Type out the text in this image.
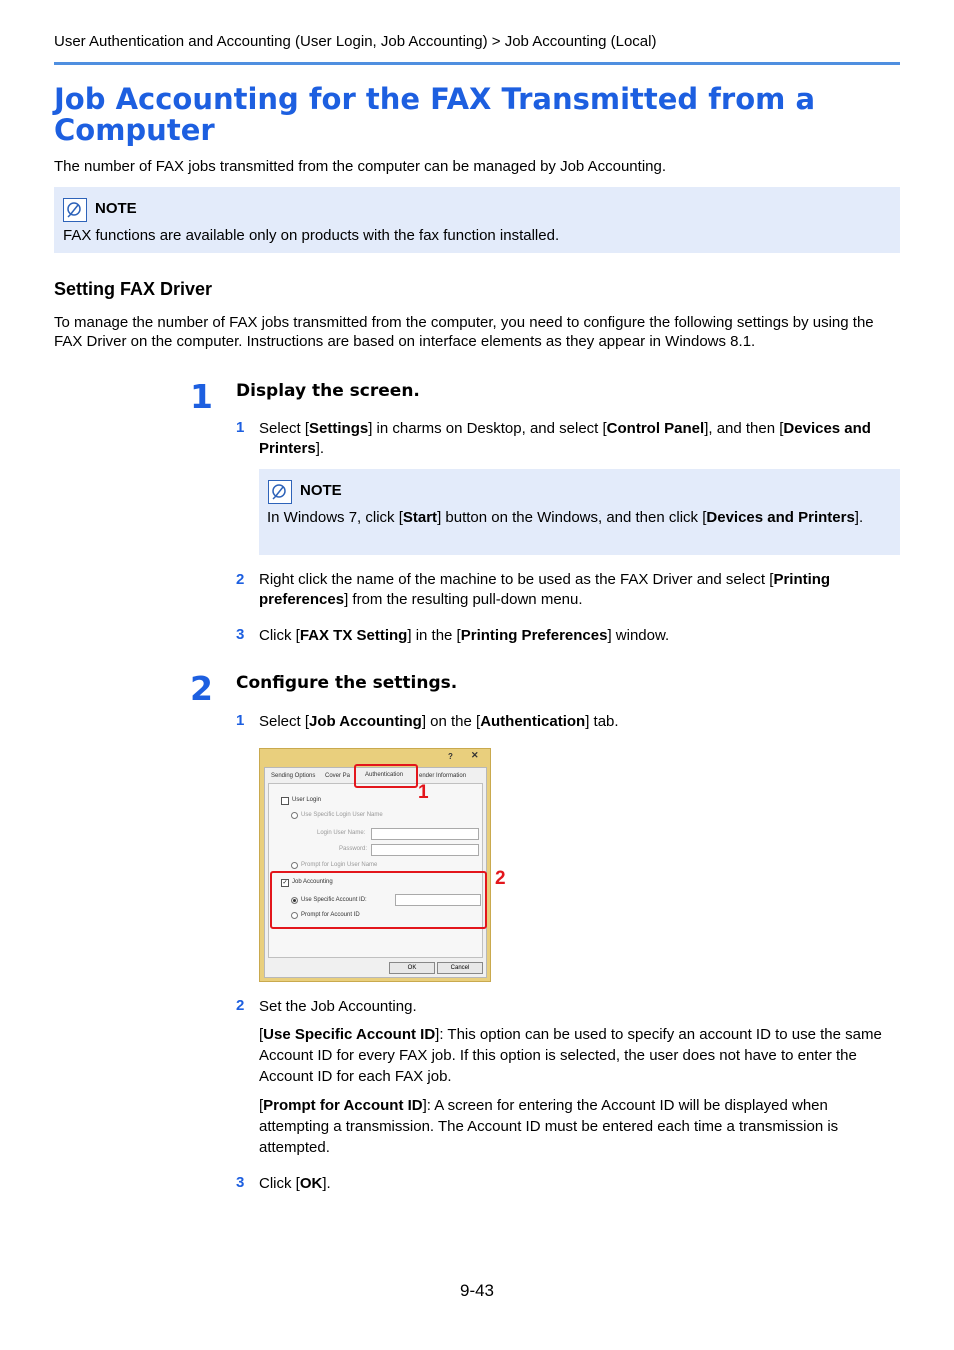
User Authentication and Accounting (User Login, Job Accounting) > Job Accounting (Local)
Job Accounting for the FAX Transmitted from a Computer
The number of FAX jobs transmitted from the computer can be managed by Job Accounting.
NOTE
FAX functions are available only on products with the fax function installed.
Setting FAX Driver
To manage the number of FAX jobs transmitted from the computer, you need to configure the following settings by using the FAX Driver on the computer. Instructions are based on interface elements as they appear in Windows 8.1.
1 Display the screen.
1 Select [Settings] in charms on Desktop, and select [Control Panel], and then [Devices and Printers].
NOTE
In Windows 7, click [Start] button on the Windows, and then click [Devices and Printers].
2 Right click the name of the machine to be used as the FAX Driver and select [Printing preferences] from the resulting pull-down menu.
3 Click [FAX TX Setting] in the [Printing Preferences] window.
2 Configure the settings.
1 Select [Job Accounting] on the [Authentication] tab.
? ✕
Sending Options Cover Pa Authentication	ender Information
User Login
Use Specific Login User Name
Login User Name:
Password:
Prompt for Login User Name
✓ Job Accounting
Use Specific Account ID:
Prompt for Account ID
OK	Cancel
1
2
2 Set the Job Accounting.
[Use Specific Account ID]: This option can be used to specify an account ID to use the same Account ID for every FAX job. If this option is selected, the user does not have to enter the Account ID for each FAX job.
[Prompt for Account ID]: A screen for entering the Account ID will be displayed when attempting a transmission. The Account ID must be entered each time a transmission is attempted.
3 Click [OK].
9-43
